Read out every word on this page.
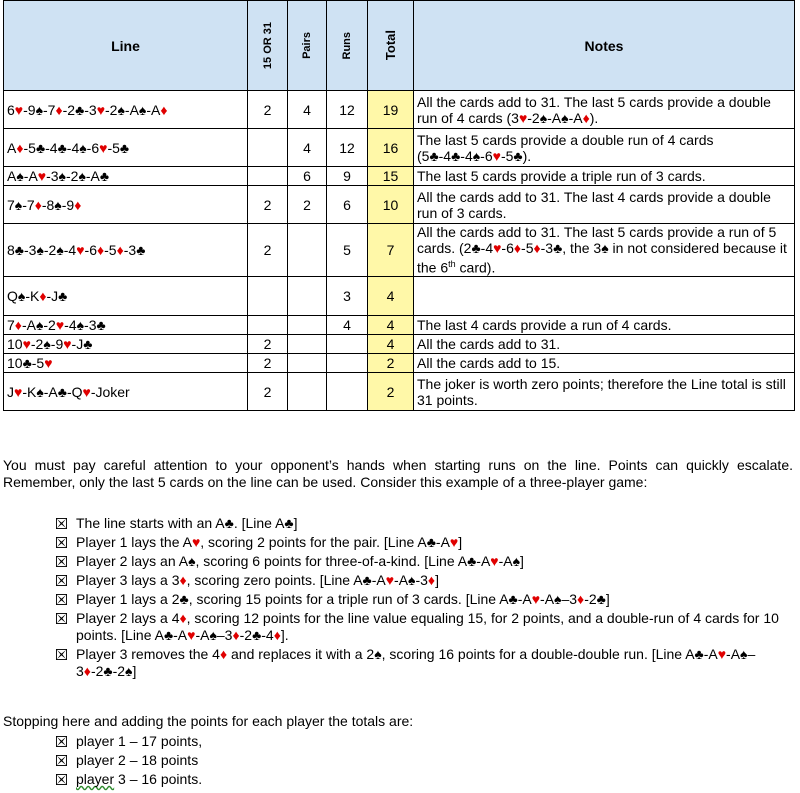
Line	15 OR 31	Pairs	Runs	Total	Notes
6♥-9♠-7♦-2♣-3♥-2♠-A♠-A♦	2	4	12	19	All the cards add to 31. The last 5 cards provide a double run of 4 cards (3♥-2♠-A♠-A♦).
A♦-5♣-4♣-4♠-6♥-5♣		4	12	16	The last 5 cards provide a double run of 4 cards (5♣-4♣-4♠-6♥-5♣).
A♠-A♥-3♠-2♠-A♣		6	9	15	The last 5 cards provide a triple run of 3 cards.
7♠-7♦-8♠-9♦	2	2	6	10	All the cards add to 31. The last 4 cards provide a double run of 3 cards.
8♣-3♠-2♠-4♥-6♦-5♦-3♣	2		5	7	All the cards add to 31. The last 5 cards provide a run of 5 cards. (2♣-4♥-6♦-5♦-3♣, the 3♠ in not considered because it the 6th card).
Q♠-K♦-J♣			3	4	
7♦-A♠-2♥-4♠-3♣			4	4	The last 4 cards provide a run of 4 cards.
10♥-2♠-9♥-J♣	2			4	All the cards add to 31.
10♣-5♥	2			2	All the cards add to 15.
J♥-K♠-A♣-Q♥-Joker	2			2	The joker is worth zero points; therefore the Line total is still 31 points.
You must pay careful attention to your opponent’s hands when starting runs on the line. Points can quickly escalate. Remember, only the last 5 cards on the line can be used. Consider this example of a three-player game:
The line starts with an A♣. [Line A♣]
Player 1 lays the A♥, scoring 2 points for the pair. [Line A♣-A♥]
Player 2 lays an A♠, scoring 6 points for three-of-a-kind. [Line A♣-A♥-A♠]
Player 3 lays a 3♦, scoring zero points. [Line A♣-A♥-A♠-3♦]
Player 1 lays a 2♣, scoring 15 points for a triple run of 3 cards. [Line A♣-A♥-A♠–3♦-2♣]
Player 2 lays a 4♦, scoring 12 points for the line value equaling 15, for 2 points, and a double-run of 4 cards for 10 points. [Line A♣-A♥-A♠–3♦-2♣-4♦].
Player 3 removes the 4♦ and replaces it with a 2♠, scoring 16 points for a double-double run. [Line A♣-A♥-A♠–3♦-2♣-2♠]
Stopping here and adding the points for each player the totals are:
player 1 – 17 points,
player 2 – 18 points
player 3 – 16 points.
